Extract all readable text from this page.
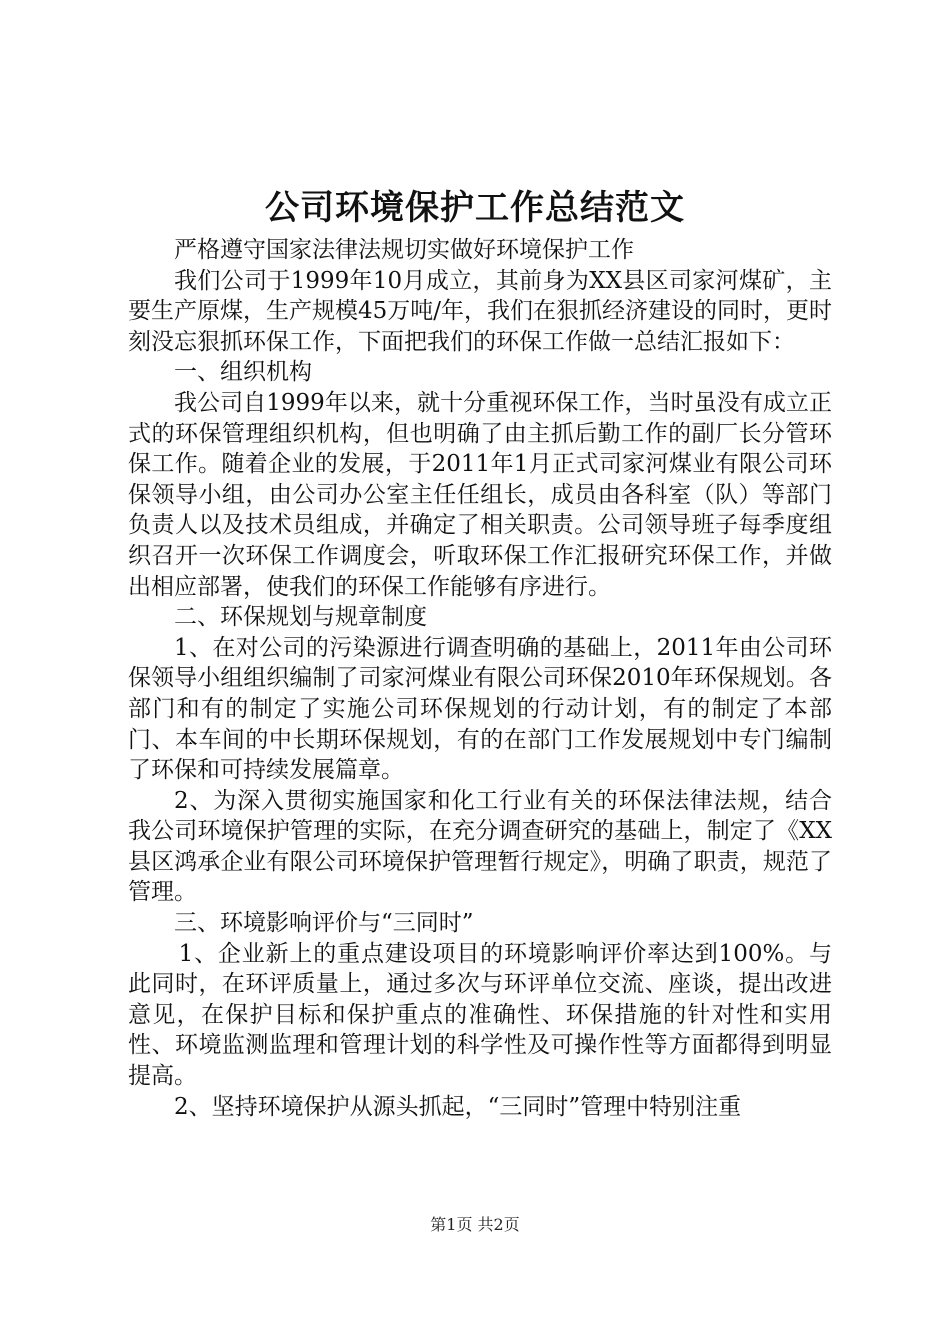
公司环境保护工作总结范文

严格遵守国家法律法规切实做好环境保护工作

我们公司于1999年10月成立，其前身为XX县区司家河煤矿，主要生产原煤，生产规模45万吨/年，我们在狠抓经济建设的同时，更时刻没忘狠抓环保工作，下面把我们的环保工作做一总结汇报如下：

一、组织机构

我公司自1999年以来，就十分重视环保工作，当时虽没有成立正式的环保管理组织机构，但也明确了由主抓后勤工作的副厂长分管环保工作。随着企业的发展，于2011年1月正式司家河煤业有限公司环保领导小组，由公司办公室主任任组长，成员由各科室（队）等部门负责人以及技术员组成，并确定了相关职责。公司领导班子每季度组织召开一次环保工作调度会，听取环保工作汇报研究环保工作，并做出相应部署，使我们的环保工作能够有序进行。

二、环保规划与规章制度

1、在对公司的污染源进行调查明确的基础上，2011年由公司环保领导小组组织编制了司家河煤业有限公司环保2010年环保规划。各部门和有的制定了实施公司环保规划的行动计划，有的制定了本部门、本车间的中长期环保规划，有的在部门工作发展规划中专门编制了环保和可持续发展篇章。

2、为深入贯彻实施国家和化工行业有关的环保法律法规，结合我公司环境保护管理的实际，在充分调查研究的基础上，制定了《XX县区鸿承企业有限公司环境保护管理暂行规定》，明确了职责，规范了管理。

三、环境影响评价与“三同时”

1、企业新上的重点建设项目的环境影响评价率达到100%。与此同时，在环评质量上，通过多次与环评单位交流、座谈，提出改进意见，在保护目标和保护重点的准确性、环保措施的针对性和实用性、环境监测监理和管理计划的科学性及可操作性等方面都得到明显提高。

2、坚持环境保护从源头抓起，“三同时”管理中特别注重

第1页 共2页
